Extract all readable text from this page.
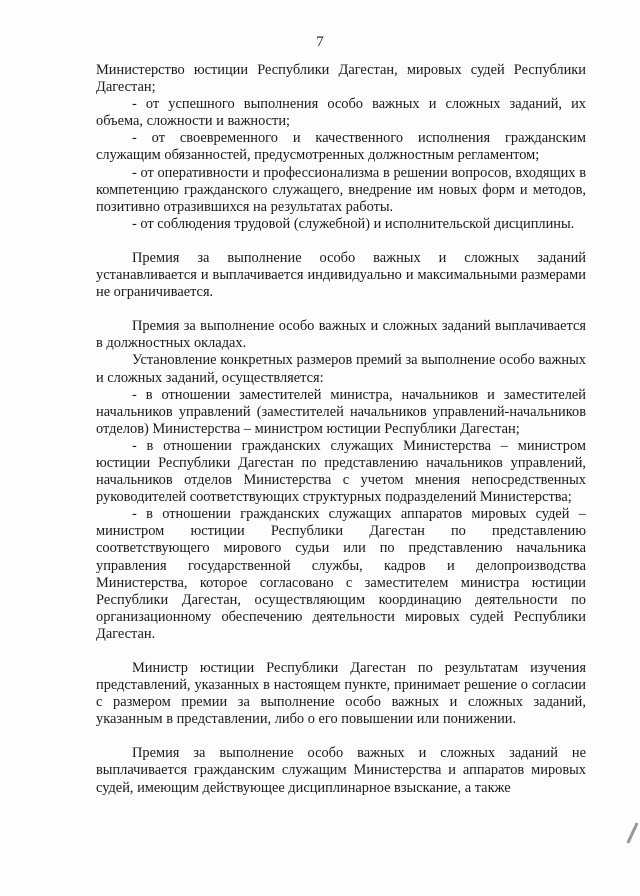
7

Министерство юстиции Республики Дагестан, мировых судей Республики Дагестан;

- от успешного выполнения особо важных и сложных заданий, их объема, сложности и важности;

- от своевременного и качественного исполнения гражданским служащим обязанностей, предусмотренных должностным регламентом;

- от оперативности и профессионализма в решении вопросов, входящих в компетенцию гражданского служащего, внедрение им новых форм и методов, позитивно отразившихся на результатах работы.

- от соблюдения трудовой (служебной) и исполнительской дисциплины.

Премия за выполнение особо важных и сложных заданий устанавливается и выплачивается индивидуально и максимальными размерами не ограничивается.

Премия за выполнение особо важных и сложных заданий выплачивается в должностных окладах.

Установление конкретных размеров премий за выполнение особо важных и сложных заданий, осуществляется:

- в отношении заместителей министра, начальников и заместителей начальников управлений (заместителей начальников управлений-начальников отделов) Министерства – министром юстиции Республики Дагестан;

- в отношении гражданских служащих Министерства – министром юстиции Республики Дагестан по представлению начальников управлений, начальников отделов Министерства с учетом мнения непосредственных руководителей соответствующих структурных подразделений Министерства;

- в отношении гражданских служащих аппаратов мировых судей – министром юстиции Республики Дагестан по представлению соответствующего мирового судьи или по представлению начальника управления государственной службы, кадров и делопроизводства Министерства, которое согласовано с заместителем министра юстиции Республики Дагестан, осуществляющим координацию деятельности по организационному обеспечению деятельности мировых судей Республики Дагестан.

Министр юстиции Республики Дагестан по результатам изучения представлений, указанных в настоящем пункте, принимает решение о согласии с размером премии за выполнение особо важных и сложных заданий, указанным в представлении, либо о его повышении или понижении.

Премия за выполнение особо важных и сложных заданий не выплачивается гражданским служащим Министерства и аппаратов мировых судей, имеющим действующее дисциплинарное взыскание, а также
